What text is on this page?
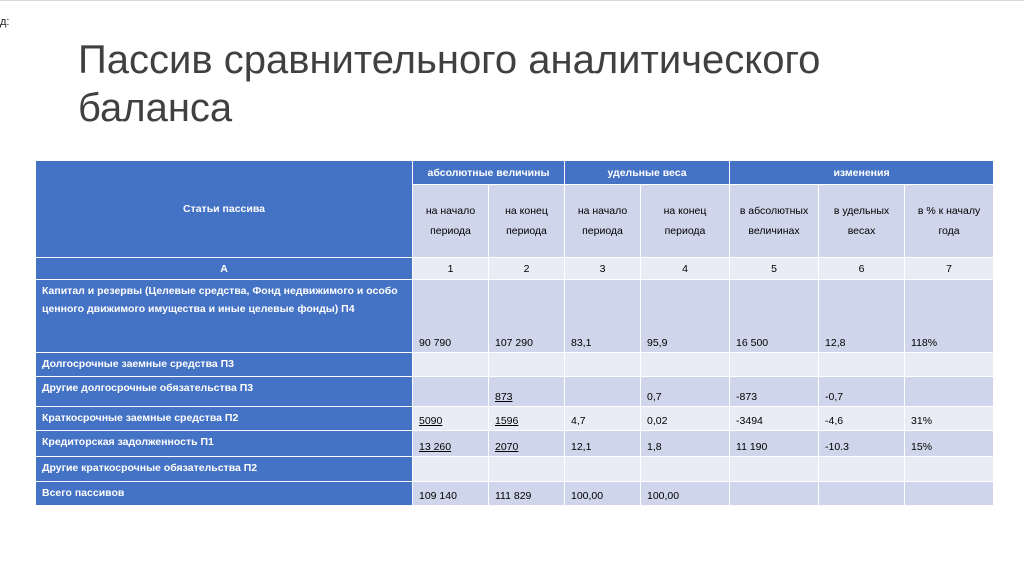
д:
Пассив сравнительного аналитического баланса
Статьи пассива	абсолютные величины		удельные веса		изменения		
	на начало периода	на конец периода	на начало периода	на конец периода	в абсолютных величинах	в удельных весах	в % к началу года
А	1	2	3	4	5	6	7
Капитал и резервы (Целевые средства, Фонд недвижимого и особо ценного движимого имущества и иные целевые фонды) П4	90 790	107 290	83,1	95,9	16 500	12,8	118%
Долгосрочные заемные средства П3							
Другие долгосрочные обязательства П3		873		0,7	-873	-0,7	
Краткосрочные заемные средства П2	5090	1596	4,7	0,02	-3494	-4,6	31%
Кредиторская задолженность П1	13 260	2070	12,1	1,8	11 190	-10.3	15%
Другие краткосрочные обязательства П2							
Всего пассивов	109 140	111 829	100,00	100,00			
